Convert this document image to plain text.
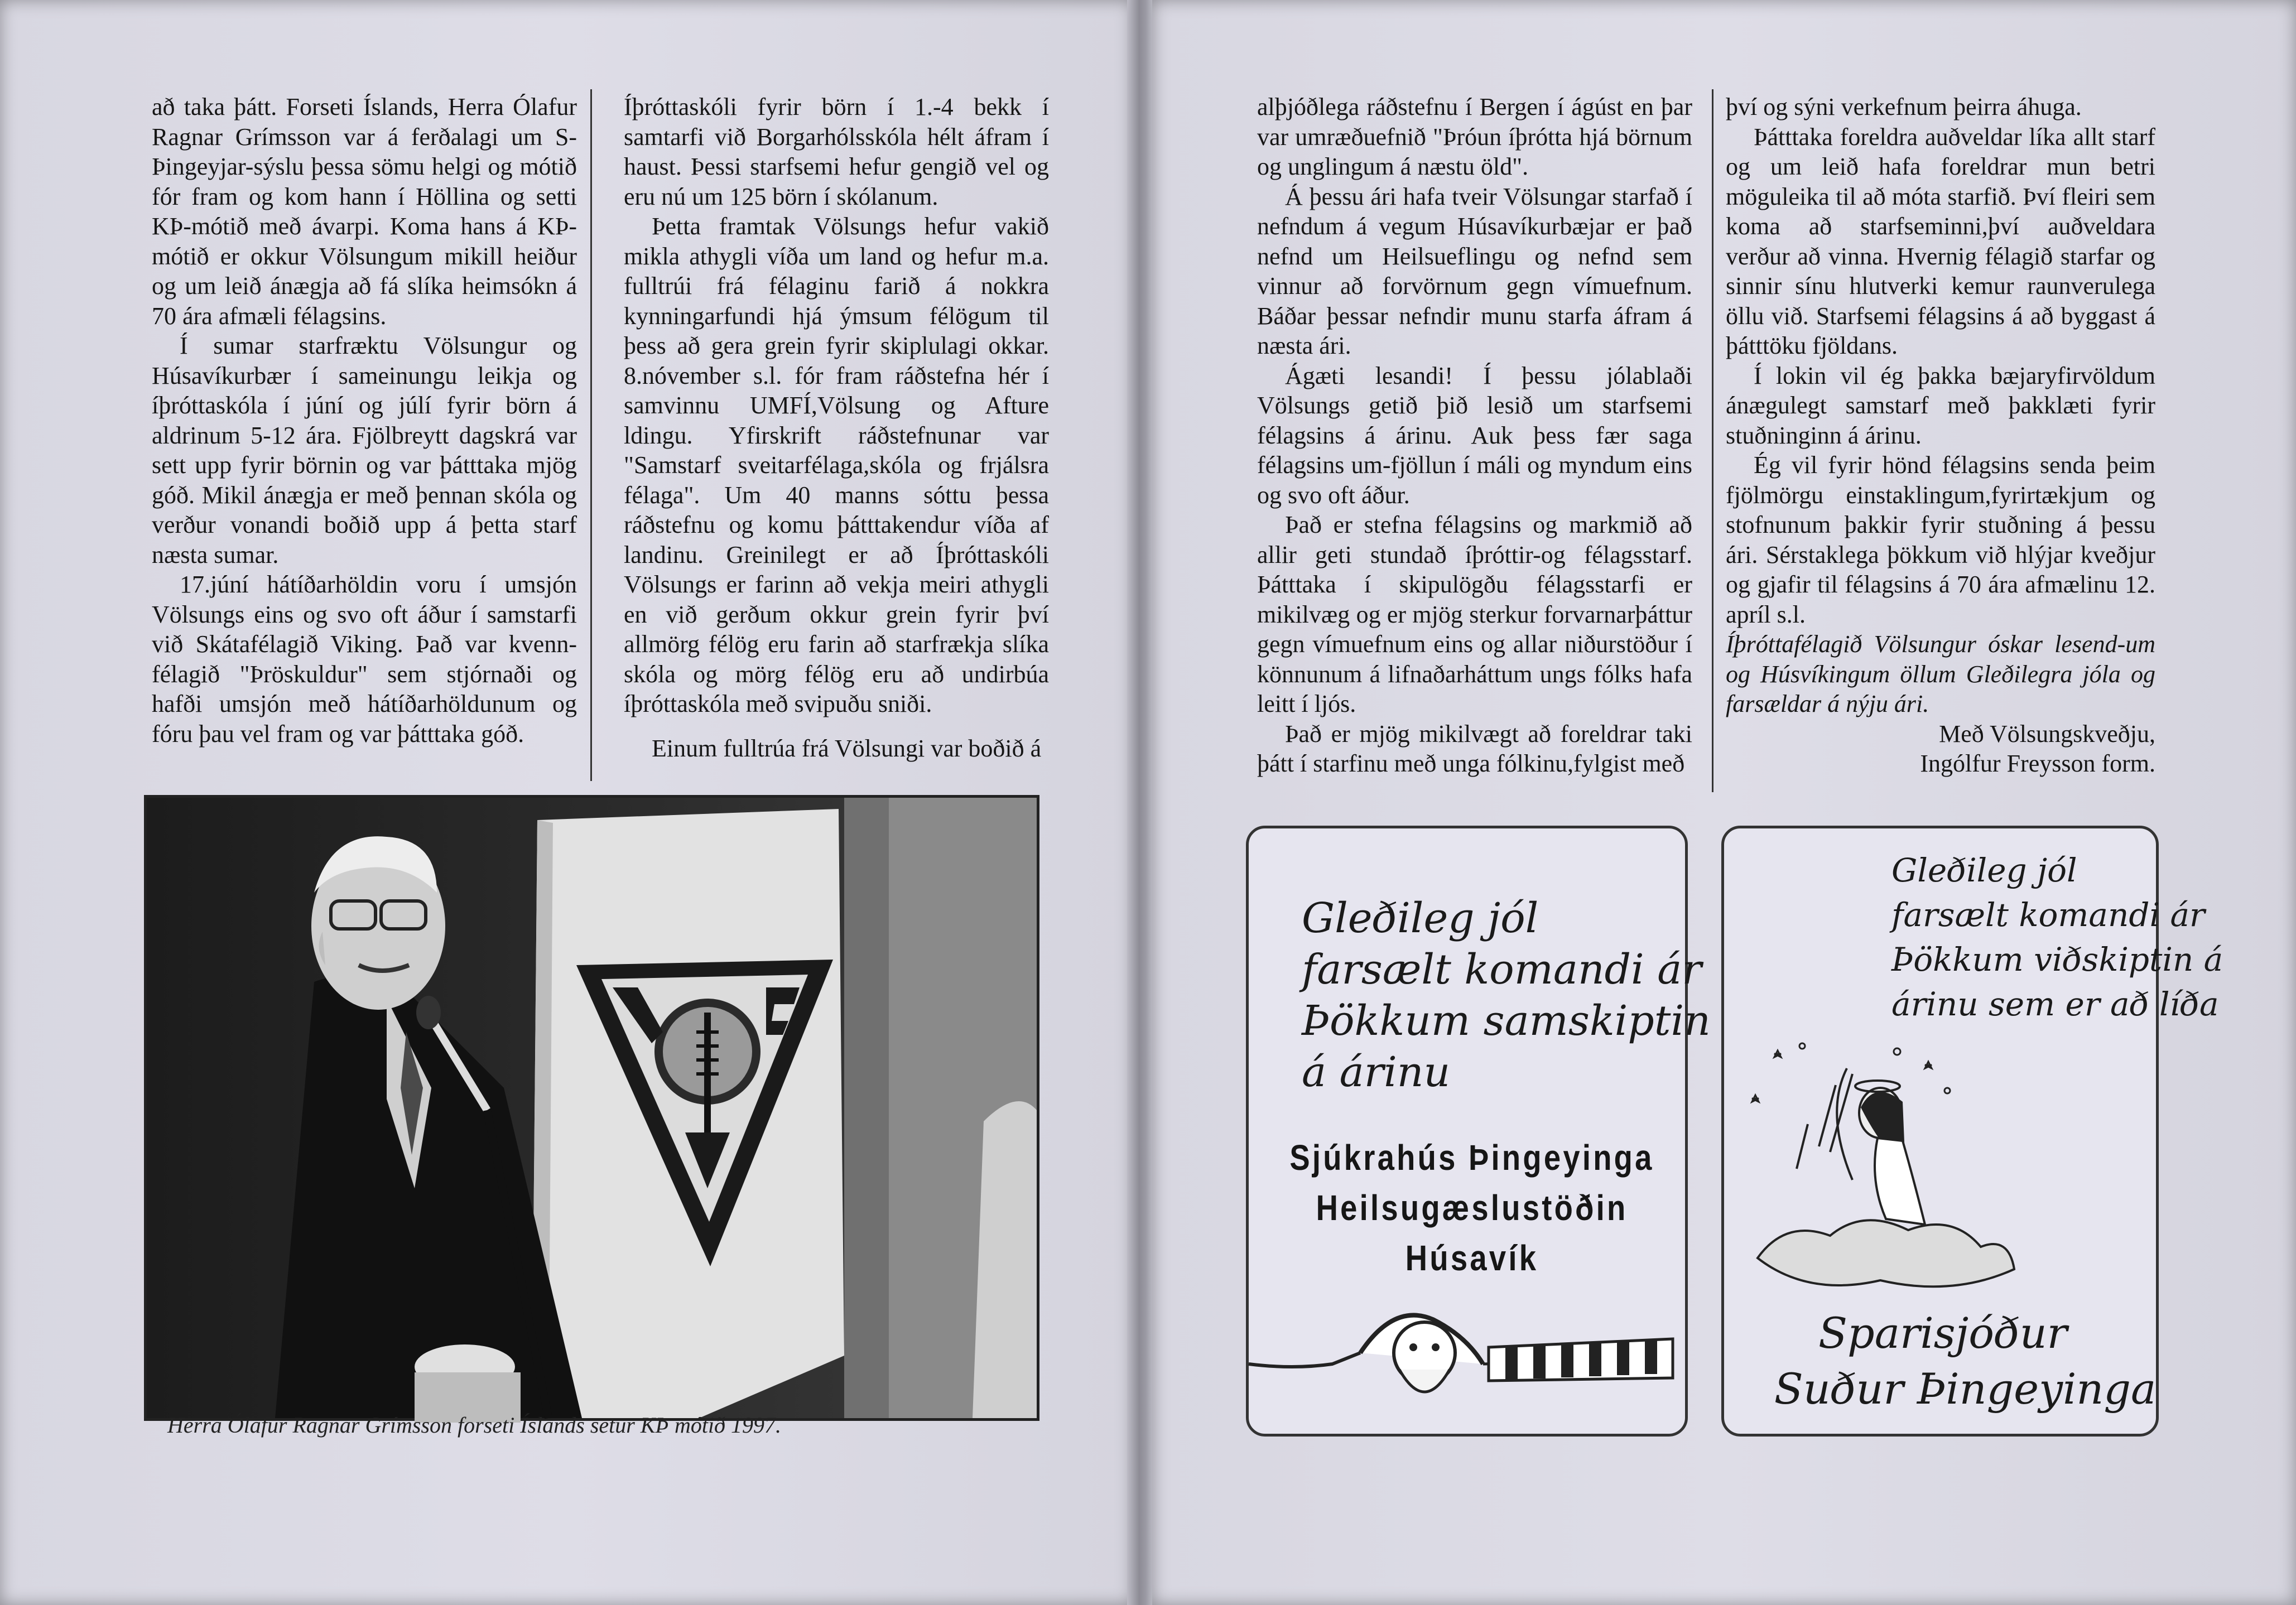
að taka þátt. Forseti Íslands, Herra Ólafur Ragnar Grímsson var á ferðalagi um S-Þingeyjar-sýslu þessa sömu helgi og mótið fór fram og kom hann í Höllina og setti KÞ-mótið með ávarpi. Koma hans á KÞ-mótið er okkur Völsungum mikill heiður og um leið ánægja að fá slíka heimsókn á 70 ára afmæli félagsins.

Í sumar starfræktu Völsungur og Húsavíkurbær í sameinungu leikja og íþróttaskóla í júní og júlí fyrir börn á aldrinum 5-12 ára. Fjölbreytt dagskrá var sett upp fyrir börnin og var þátttaka mjög góð. Mikil ánægja er með þennan skóla og verður vonandi boðið upp á þetta starf næsta sumar.

17.júní hátíðarhöldin voru í umsjón Völsungs eins og svo oft áður í samstarfi við Skátafélagið Viking. Það var kvenn-félagið "Þröskuldur" sem stjórnaði og hafði umsjón með hátíðarhöldunum og fóru þau vel fram og var þátttaka góð.

Íþróttaskóli fyrir börn í 1.-4 bekk í samtarfi við Borgarhólsskóla hélt áfram í haust. Þessi starfsemi hefur gengið vel og eru nú um 125 börn í skólanum.

Þetta framtak Völsungs hefur vakið mikla athygli víða um land og hefur m.a. fulltrúi frá félaginu farið á nokkra kynningarfundi hjá ýmsum félögum til þess að gera grein fyrir skiplulagi okkar. 8.nóvember s.l. fór fram ráðstefna hér í samvinnu UMFÍ,Völsung og Afture ldingu. Yfirskrift ráðstefnunar var "Samstarf sveitarfélaga,skóla og frjálsra félaga". Um 40 manns sóttu þessa ráðstefnu og komu þátttakendur víða af landinu. Greinilegt er að Íþróttaskóli Völsungs er farinn að vekja meiri athygli en við gerðum okkur grein fyrir því allmörg félög eru farin að starfrækja slíka skóla og mörg félög eru að undirbúa íþróttaskóla með svipuðu sniði.

Einum fulltrúa frá Völsungi var boðið á

Herra Ólafur Ragnar Grímsson forseti Íslands setur KÞ mótið 1997.

alþjóðlega ráðstefnu í Bergen í ágúst en þar var umræðuefnið "Þróun íþrótta hjá börnum og unglingum á næstu öld".

Á þessu ári hafa tveir Völsungar starfað í nefndum á vegum Húsavíkurbæjar er það nefnd um Heilsueflingu og nefnd sem vinnur að forvörnum gegn vímuefnum. Báðar þessar nefndir munu starfa áfram á næsta ári.

Ágæti lesandi! Í þessu jólablaði Völsungs getið þið lesið um starfsemi félagsins á árinu. Auk þess fær saga félagsins um-fjöllun í máli og myndum eins og svo oft áður.

Það er stefna félagsins og markmið að allir geti stundað íþróttir-og félagsstarf. Þátttaka í skipulögðu félagsstarfi er mikilvæg og er mjög sterkur forvarnarþáttur gegn vímuefnum eins og allar niðurstöður í könnunum á lifnaðarháttum ungs fólks hafa leitt í ljós.

Það er mjög mikilvægt að foreldrar taki þátt í starfinu með unga fólkinu,fylgist með

því og sýni verkefnum þeirra áhuga.

Þátttaka foreldra auðveldar líka allt starf og um leið hafa foreldrar mun betri möguleika til að móta starfið. Því fleiri sem koma að starfseminni,því auðveldara verður að vinna. Hvernig félagið starfar og sinnir sínu hlutverki kemur raunverulega öllu við. Starfsemi félagsins á að byggast á þátttöku fjöldans.

Í lokin vil ég þakka bæjaryfirvöldum ánægulegt samstarf með þakklæti fyrir stuðninginn á árinu.

Ég vil fyrir hönd félagsins senda þeim fjölmörgu einstaklingum,fyrirtækjum og stofnunum þakkir fyrir stuðning á þessu ári. Sérstaklega þökkum við hlýjar kveðjur og gjafir til félagsins á 70 ára afmælinu 12. apríl s.l.

Íþróttafélagið Völsungur óskar lesend-um og Húsvíkingum öllum Gleðilegra jóla og farsældar á nýju ári.

Með Völsungskveðju,

Ingólfur Freysson form.

Gleðileg jól
farsælt komandi ár
Þökkum samskiptin
á árinu
Sjúkrahús Þingeyinga
Heilsugæslustöðin Húsavík
Gleðileg jól
farsælt komandi ár
Þökkum viðskiptin á
árinu sem er að líða
Sparisjóður
Suður Þingeyinga
